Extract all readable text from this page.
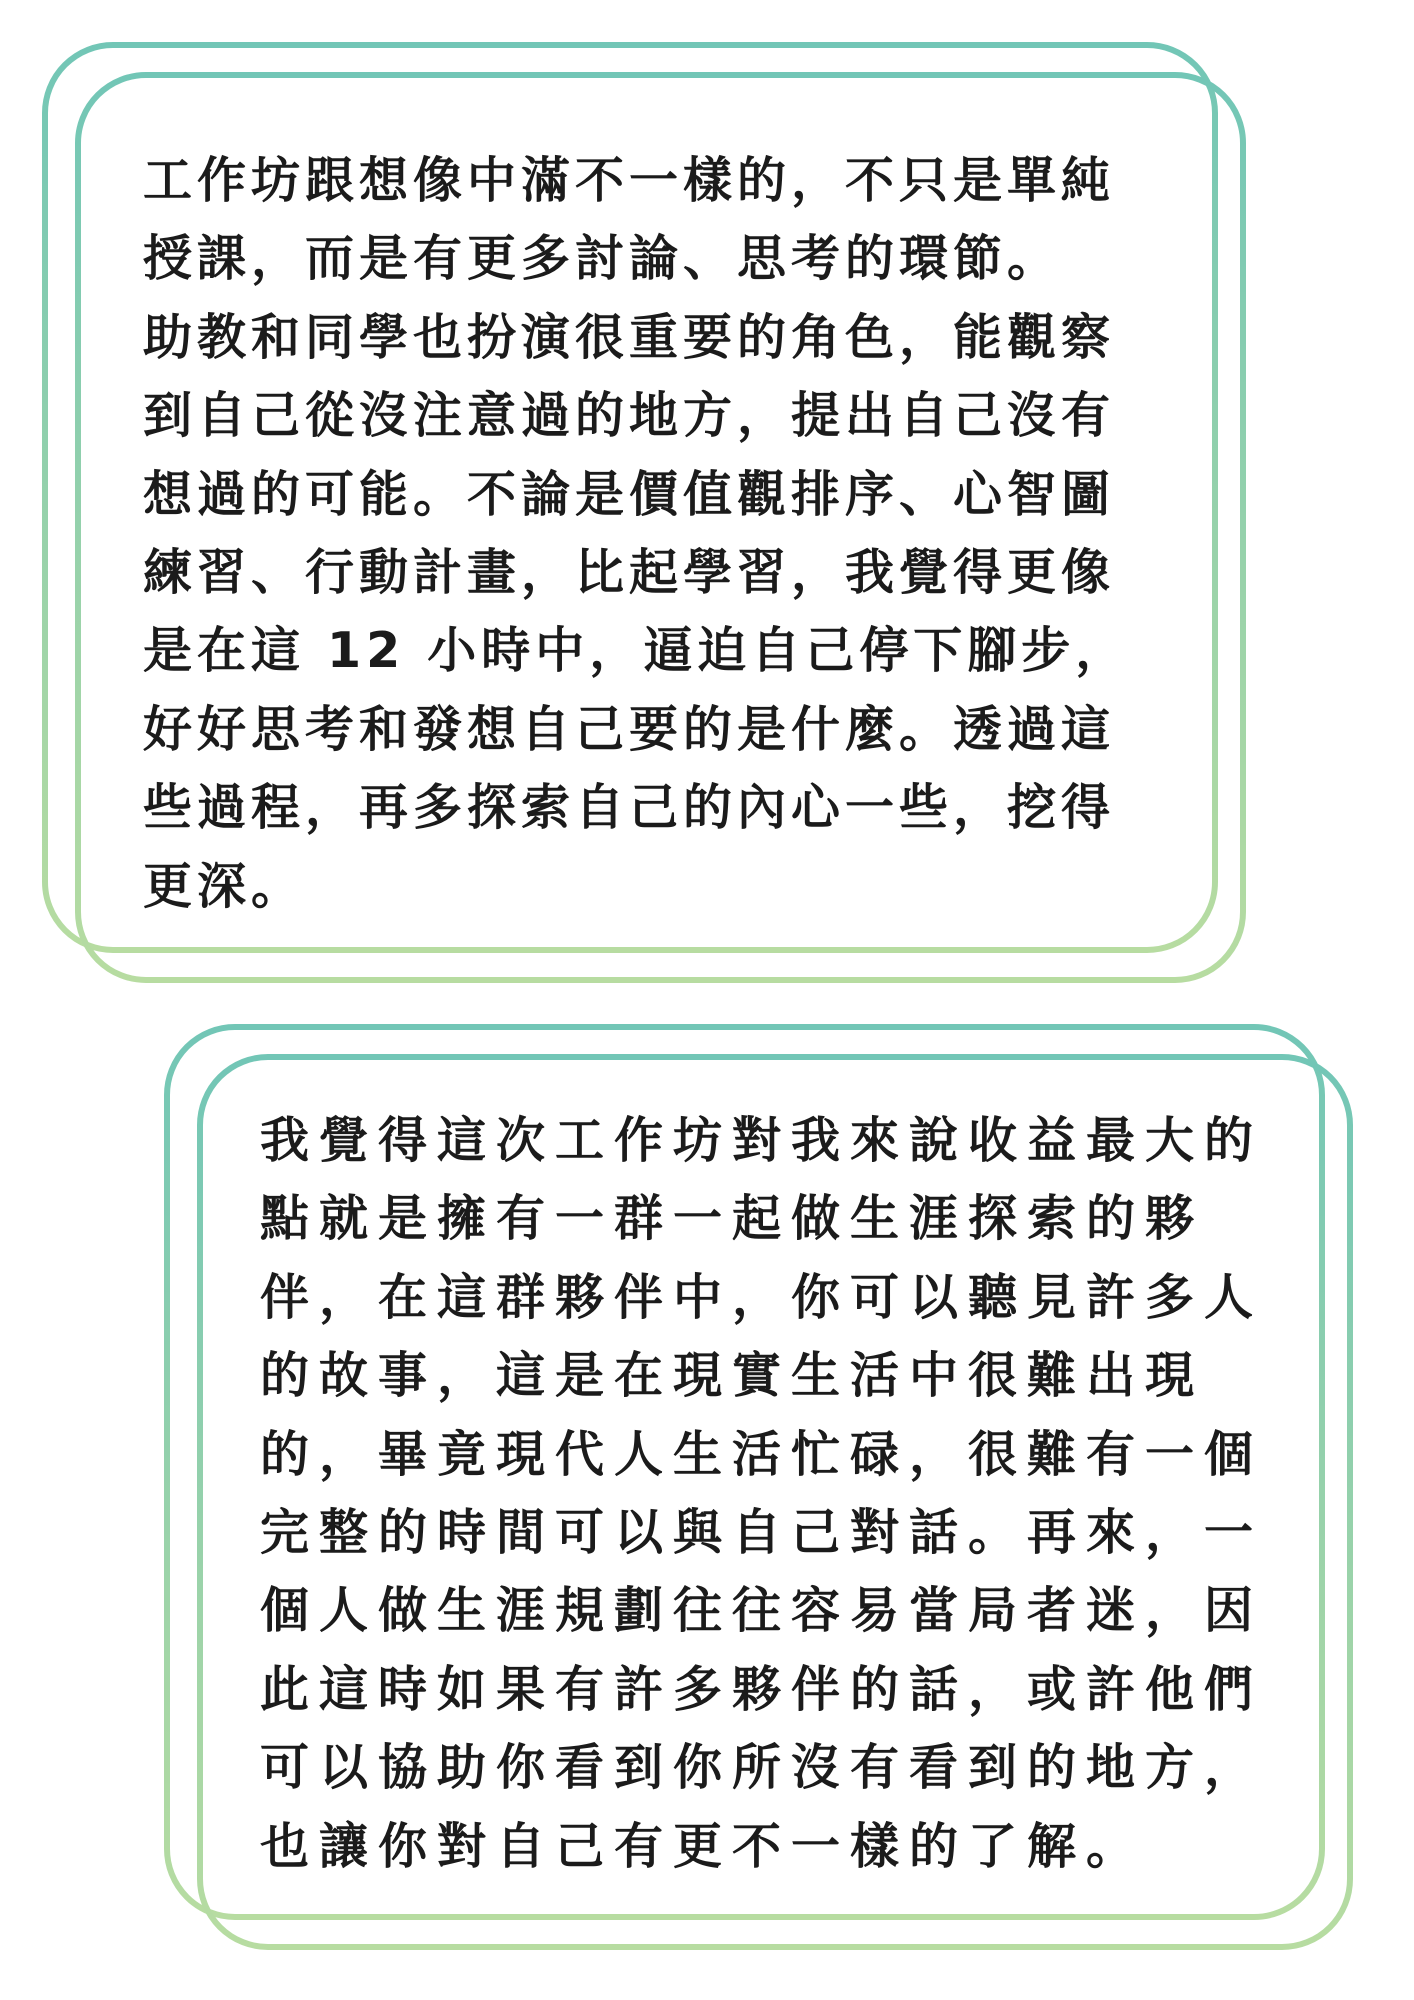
工作坊跟想像中滿不一樣的，不只是單純
授課，而是有更多討論、思考的環節。
助教和同學也扮演很重要的角色，能觀察
到自己從沒注意過的地方，提出自己沒有
想過的可能。不論是價值觀排序、心智圖
練習、行動計畫，比起學習，我覺得更像
是在這 12 小時中，逼迫自己停下腳步，
好好思考和發想自己要的是什麼。透過這
些過程，再多探索自己的內心一些，挖得
更深。
我覺得這次工作坊對我來說收益最大的
點就是擁有一群一起做生涯探索的夥
伴，在這群夥伴中，你可以聽見許多人
的故事，這是在現實生活中很難出現
的，畢竟現代人生活忙碌，很難有一個
完整的時間可以與自己對話。再來，一
個人做生涯規劃往往容易當局者迷，因
此這時如果有許多夥伴的話，或許他們
可以協助你看到你所沒有看到的地方，
也讓你對自己有更不一樣的了解。
